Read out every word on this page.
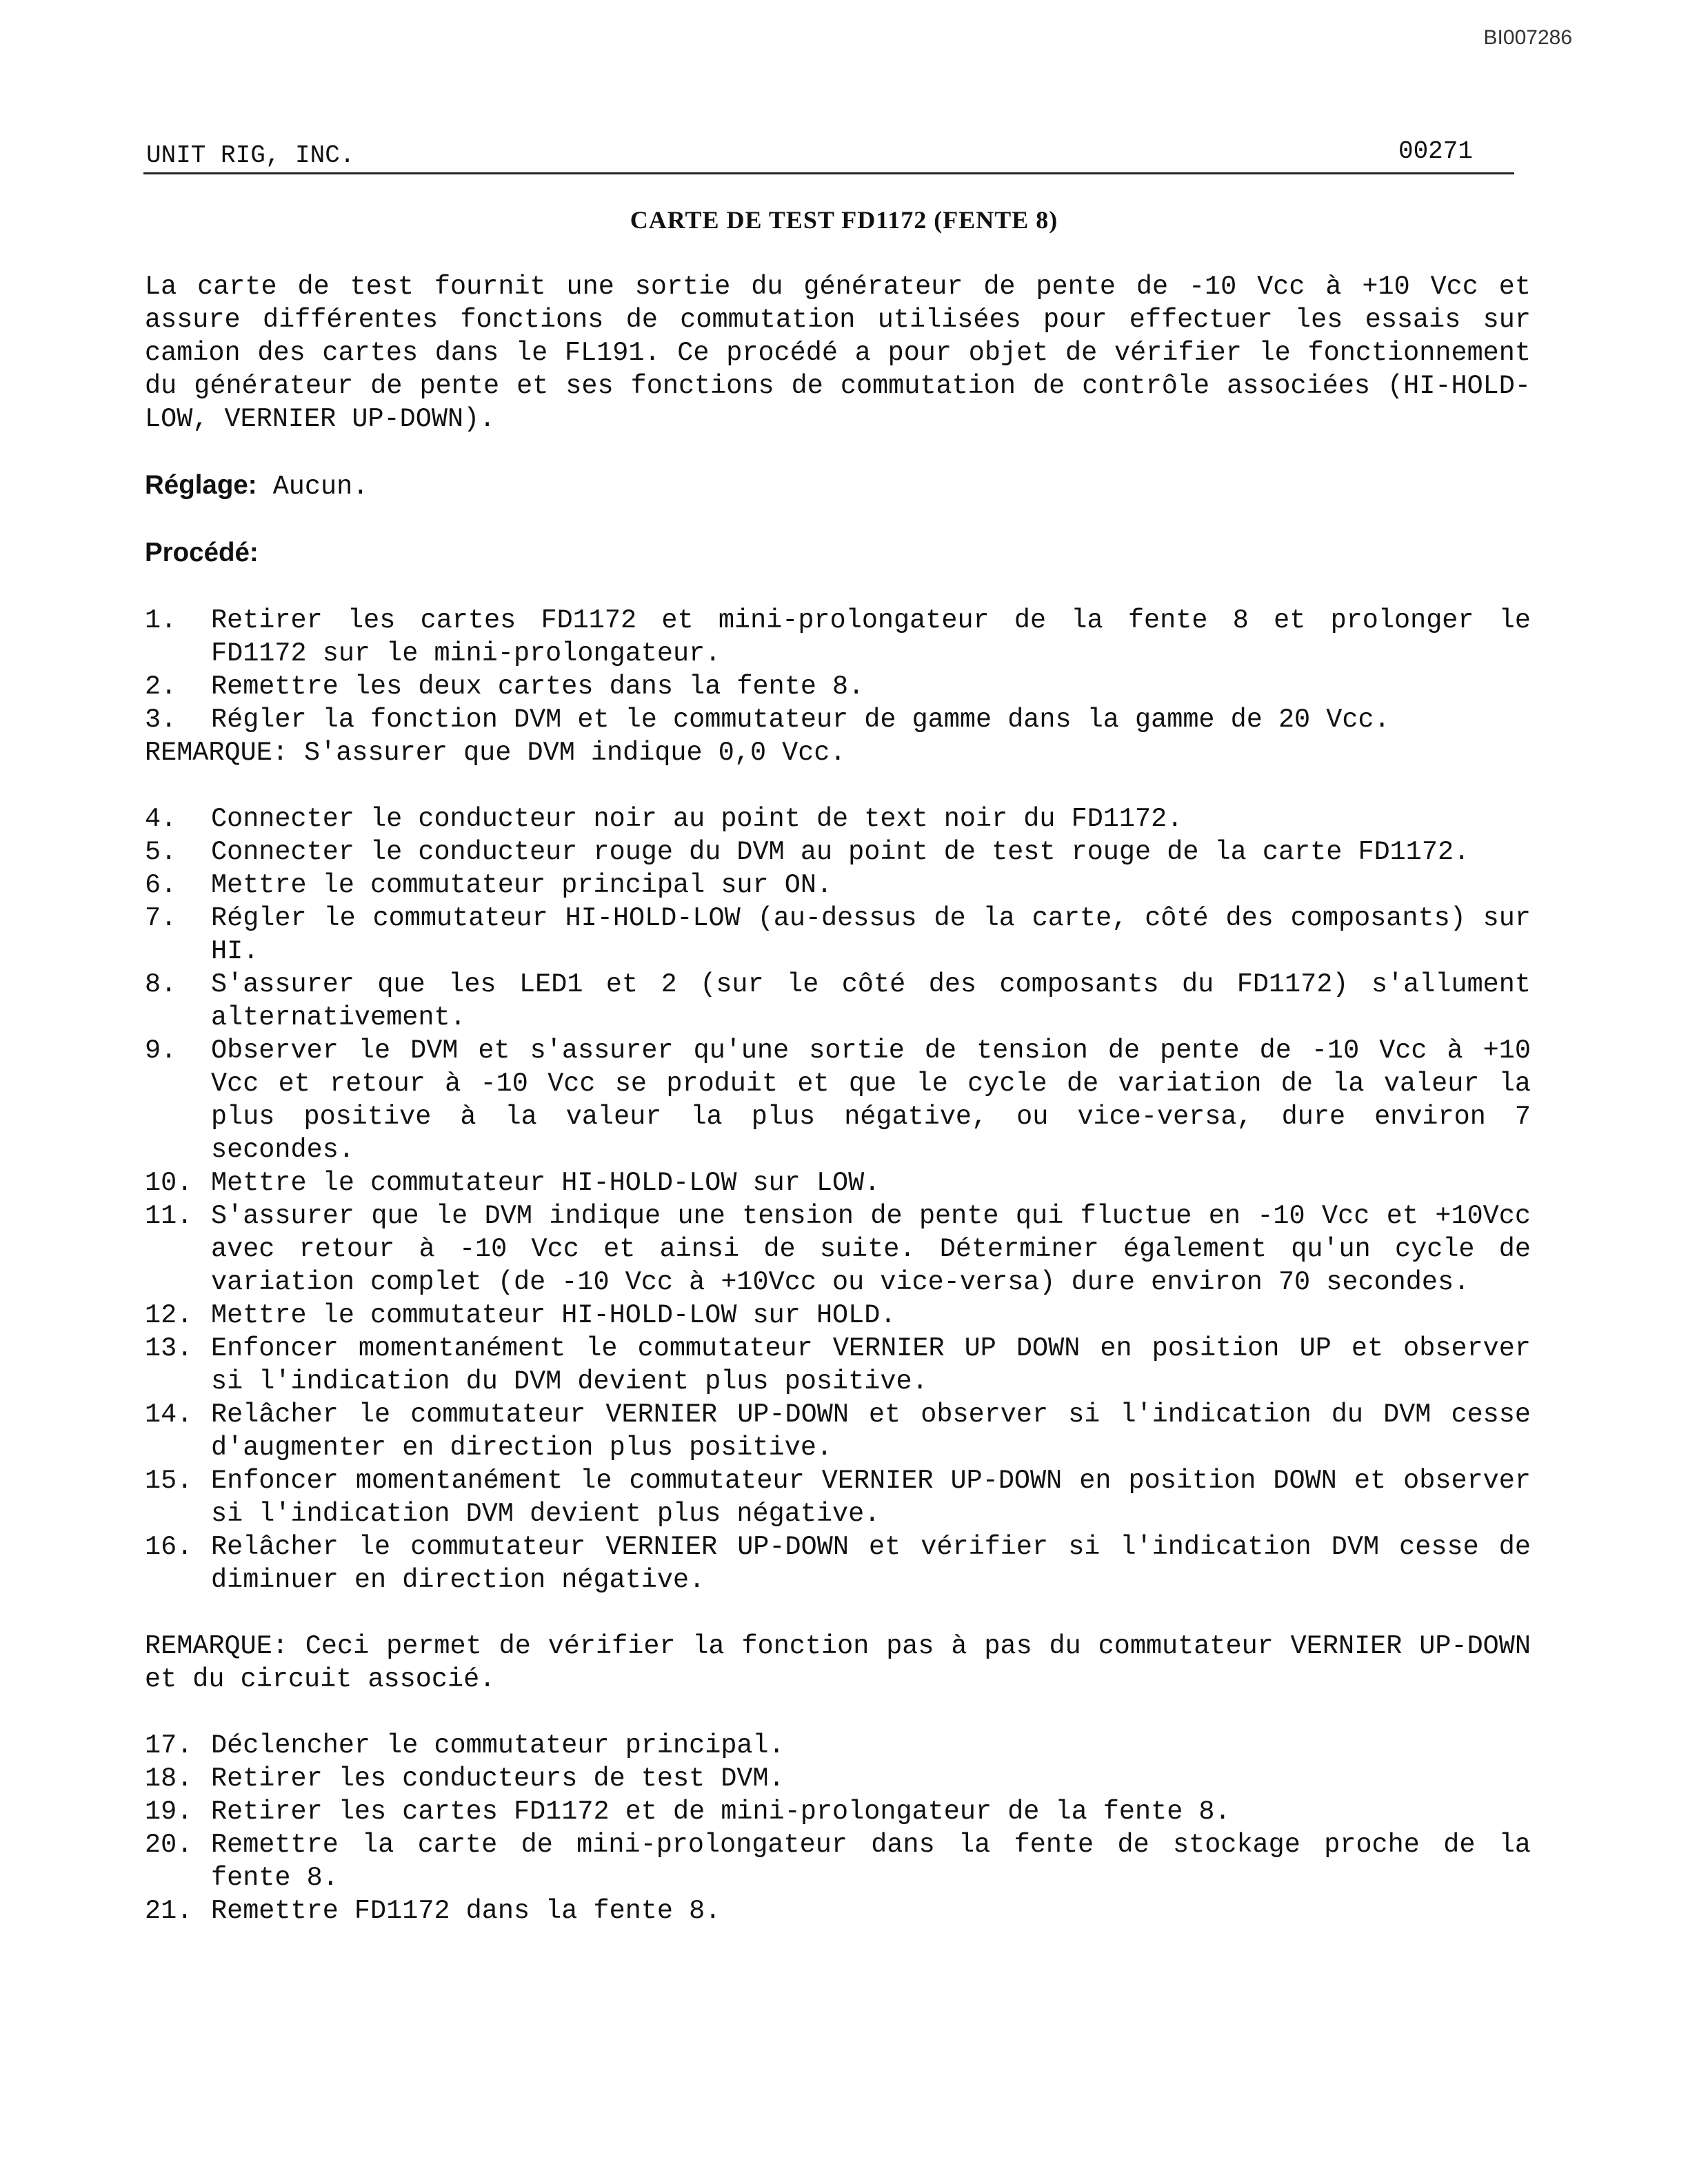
BI007286
UNIT RIG, INC.	00271
CARTE DE TEST FD1172 (FENTE 8)

La carte de test fournit une sortie du générateur de pente de -10 Vcc à +10 Vcc et assure différentes fonctions de commutation utilisées pour effectuer les essais sur camion des cartes dans le FL191. Ce procédé a pour objet de vérifier le fonctionnement du générateur de pente et ses fonctions de commutation de contrôle associées (HI-HOLD-LOW, VERNIER UP-DOWN).

Réglage: Aucun.

Procédé:

1.	Retirer les cartes FD1172 et mini-prolongateur de la fente 8 et prolonger le FD1172 sur le mini-prolongateur.
2.	Remettre les deux cartes dans la fente 8.
3.	Régler la fonction DVM et le commutateur de gamme dans la gamme de 20 Vcc.

REMARQUE: S'assurer que DVM indique 0,0 Vcc.

4.	Connecter le conducteur noir au point de text noir du FD1172.
5.	Connecter le conducteur rouge du DVM au point de test rouge de la carte FD1172.
6.	Mettre le commutateur principal sur ON.
7.	Régler le commutateur HI-HOLD-LOW (au-dessus de la carte, côté des composants) sur HI.
8.	S'assurer que les LED1 et 2 (sur le côté des composants du FD1172) s'allument alternativement.
9.	Observer le DVM et s'assurer qu'une sortie de tension de pente de -10 Vcc à +10 Vcc et retour à -10 Vcc se produit et que le cycle de variation de la valeur la plus positive à la valeur la plus négative, ou vice-versa, dure environ 7 secondes.
10. Mettre le commutateur HI-HOLD-LOW sur LOW.
11. S'assurer que le DVM indique une tension de pente qui fluctue en -10 Vcc et +10Vcc avec retour à -10 Vcc et ainsi de suite. Déterminer également qu'un cycle de variation complet (de -10 Vcc à +10Vcc ou vice-versa) dure environ 70 secondes.
12. Mettre le commutateur HI-HOLD-LOW sur HOLD.
13. Enfoncer momentanément le commutateur VERNIER UP DOWN en position UP et observer si l'indication du DVM devient plus positive.
14. Relâcher le commutateur VERNIER UP-DOWN et observer si l'indication du DVM cesse d'augmenter en direction plus positive.
15. Enfoncer momentanément le commutateur VERNIER UP-DOWN en position DOWN et observer si l'indication DVM devient plus négative.
16. Relâcher le commutateur VERNIER UP-DOWN et vérifier si l'indication DVM cesse de diminuer en direction négative.

REMARQUE: Ceci permet de vérifier la fonction pas à pas du commutateur VERNIER UP-DOWN et du circuit associé.

17. Déclencher le commutateur principal.
18. Retirer les conducteurs de test DVM.
19. Retirer les cartes FD1172 et de mini-prolongateur de la fente 8.
20. Remettre la carte de mini-prolongateur dans la fente de stockage proche de la fente 8.
21. Remettre FD1172 dans la fente 8.
